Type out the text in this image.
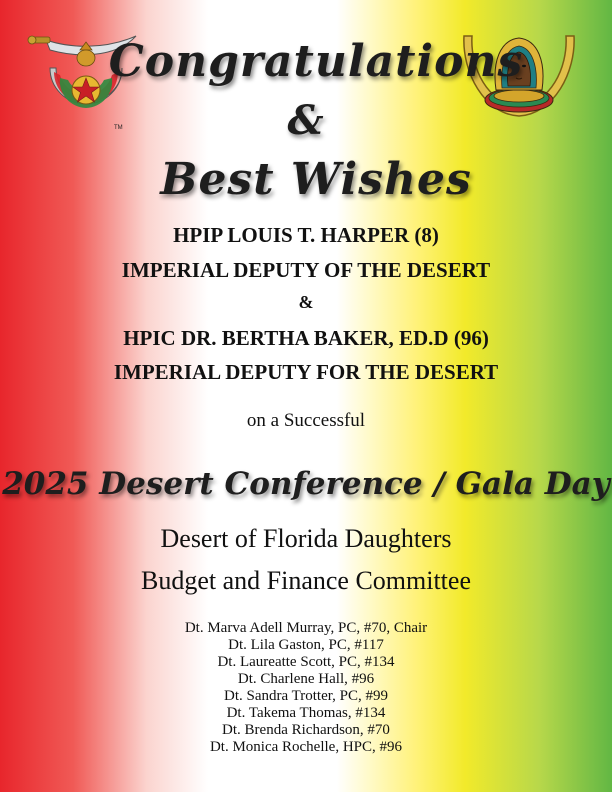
TM
Congratulations
&
Best Wishes
HPIP LOUIS T. HARPER (8)
IMPERIAL DEPUTY OF THE DESERT
&
HPIC DR. BERTHA BAKER, ED.D (96)
IMPERIAL DEPUTY FOR THE DESERT
on a Successful
2025 Desert Conference / Gala Day
Desert of Florida Daughters
Budget and Finance Committee
Dt. Marva Adell Murray, PC, #70, Chair
Dt. Lila Gaston, PC, #117
Dt. Laureatte Scott, PC, #134
Dt. Charlene Hall, #96
Dt. Sandra Trotter, PC, #99
Dt. Takema Thomas, #134
Dt. Brenda Richardson, #70
Dt. Monica Rochelle, HPC, #96
